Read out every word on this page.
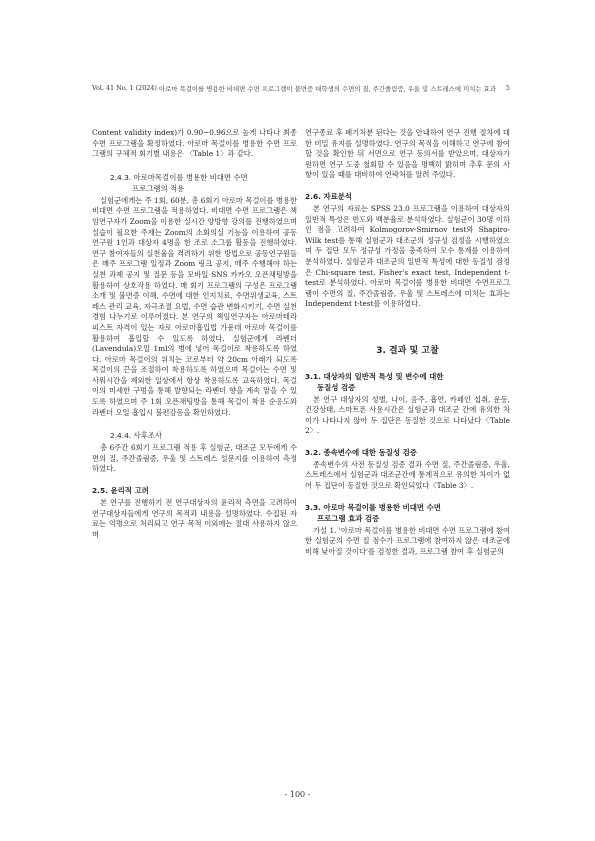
Vol. 41 No. 1 (2024) 아로마 목걸이를 병용한 비대면 수면 프로그램이 불면증 대학생의 수면의 질, 주간졸림증, 우울 및 스트레스에 미치는 효과 5

Content validity index)가 0.90~0.96으로 높게 나타나 최종 수면 프로그램을 확정하였다. 아로마 목걸이를 병용한 수면 프로그램의 구체적 회기별 내용은 〈Table 1〉과 같다.

2.4.3. 아로마목걸이를 병용한 비대면 수면
프로그램의 적용

실험군에게는 주 1회, 60분, 총 6회기 아로마 목걸이를 병용한 비대면 수면 프로그램을 적용하였다. 비대면 수면 프로그램은 책임연구자가 Zoom을 이용한 실시간 양방향 강의를 진행하였으며 실습이 필요한 주제는 Zoom의 소회의실 기능을 이용하여 공동연구원 1인과 대상자 4명을 한 조로 소그룹 활동을 진행하였다. 연구 참여자들의 실천율을 격려하기 위한 방법으로 공동연구원들은 매주 프로그램 일정과 Zoom 링크 공지, 매주 수행해야 하는 실천 과제 공지 및 질문 등을 모바일 SNS 카카오 오픈채팅방을 활용하여 상호작용 하였다. 매 회기 프로그램의 구성은 프로그램 소개 및 불면증 이해, 수면에 대한 인지치료, 수면위생교육, 스트레스 관리 교육, 자극조절 요법, 수면 습관 변화시키기, 수면 실천 경험 나누기로 이루어졌다. 본 연구의 책임연구자는 아로마테라피스트 자격이 있는 자로 아로마흡입법 가운데 아로마 목걸이를 활용하여 흡입할 수 있도록 하였다. 실험군에게 라벤더(Lavendula)오일 1ml의 병에 넣어 목걸이로 착용하도록 하였다. 아로마 목걸이의 위치는 코로부터 약 20cm 아래가 되도록 목걸이의 끈을 조절하여 착용하도록 하였으며 목걸이는 수면 및 사워시간을 제외한 일상에서 항상 착용하도록 교육하였다. 목걸이의 미세한 구멍을 통해 발향되는 라벤더 향을 계속 맡을 수 있도록 하였으며 주 1회 오픈채팅방을 통해 목걸이 착용 순응도와 라벤더 오일 흡입시 불편감등을 확인하였다.

2.4.4. 사후조사

총 6주간 6회기 프로그램 적용 후 실험군, 대조군 모두에게 수면의 질, 주간졸림증, 우울 및 스트레스 설문지를 이용하여 측정하였다.

2.5. 윤리적 고려

본 연구를 진행하기 전 연구대상자의 윤리적 측면을 고려하여 연구대상자들에게 연구의 목적과 내용을 설명하였다. 수집된 자료는 익명으로 처리되고 연구 목적 이외에는 절대 사용하지 않으며

연구종료 후 폐기처분 된다는 것을 안내하여 연구 진행 절차에 대한 비밀 유지를 설명하였다. 연구의 목적을 이해하고 연구에 참여할 것을 확인한 뒤 서면으로 연구 동의서를 받았으며, 대상자가 원하면 연구 도중 철회할 수 있음을 명백히 밝히며 추후 문의 사항이 있을 때를 대비하여 연락처를 알려 주었다.

2.6. 자료분석

본 연구의 자료는 SPSS 23.0 프로그램을 이용하여 대상자의 일반적 특성은 빈도와 백분율로 분석하였다. 실험군이 30명 이하인 점을 고려하여 Kolmogorov-Smirnov test와 Shapiro-Wilk test를 통해 실험군과 대조군의 정규성 검정을 시행하였으며 두 집단 모두 정규성 가정을 충족하여 모수 통계를 이용하여 분석하였다. 실험군과 대조군의 일반적 특성에 대한 동질성 검정은 Chi-square test, Fisher's exact test, Independent t-test로 분석하였다. 아로마 목걸이를 병용한 비대면 수면프로그램이 수면의 질, 주간졸림증, 우울 및 스트레스에 미치는 효과는 Independent t-test를 이용하였다.

3. 결과 및 고찰
3.1. 대상자의 일반적 특성 및 변수에 대한
동질성 검증

본 연구 대상자의 성별, 나이, 음주, 흡연, 카페인 섭취, 운동, 건강상태, 스마트폰 사용시간은 실험군과 대조군 간에 유의한 차이가 나타나지 않아 두 집단은 동질한 것으로 나타났다〈Table 2〉.

3.2. 종속변수에 대한 동질성 검증

종속변수의 사전 동질성 검증 결과 수면 질, 주간졸림증, 우울, 스트레스에서 실험군과 대조군간에 통계적으로 유의한 차이가 없어 두 집단이 동질한 것으로 확인되었다〈Table 3〉.

3.3. 아로마 목걸이를 병용한 비대면 수면
프로그램 효과 검증

가설 1. '아로마 목걸이를 병용한 비대면 수면 프로그램에 참여한 실험군의 수면 질 점수가 프로그램에 참여하지 않은 대조군에 비해 낮아질 것이다'를 검정한 결과, 프로그램 참여 후 실험군의

- 100 -
